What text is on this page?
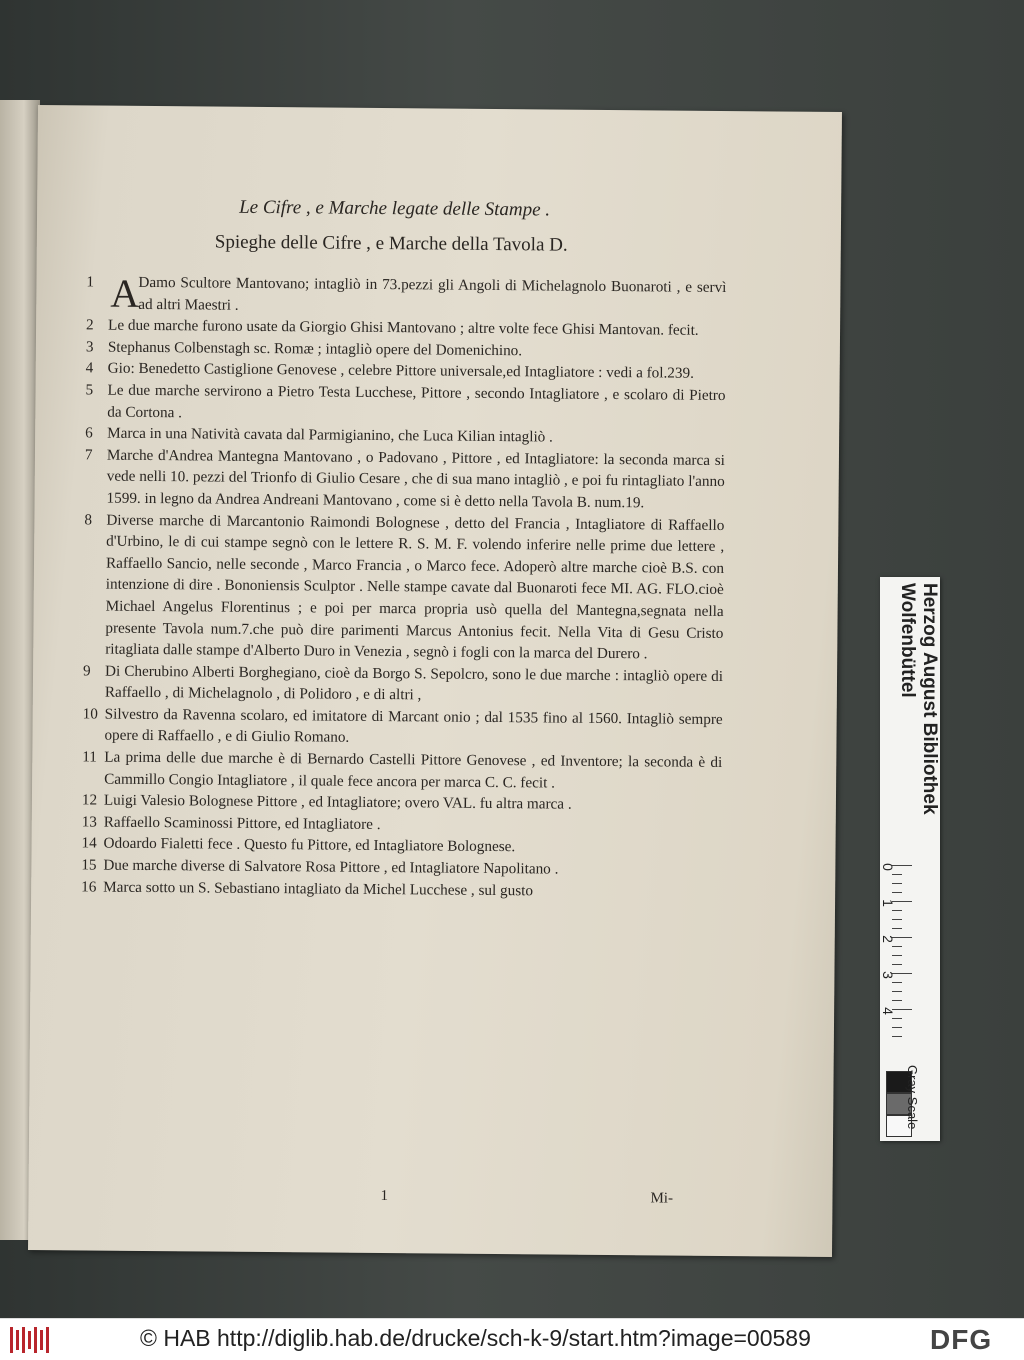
Le Cifre , e Marche legate delle Stampe .
Spieghe delle Cifre , e Marche della Tavola D.
1 A
Damo Scultore Mantovano; intagliò in 73.pezzi gli Angoli di Michelagnolo Buonaroti , e servì ad altri Maestri .
2 Le due marche furono usate da Giorgio Ghisi Mantovano ; altre volte fece Ghisi Mantovan. fecit.
3 Stephanus Colbenstagh sc. Romæ ; intagliò opere del Domenichino.
4 Gio: Benedetto Castiglione Genovese , celebre Pittore universale,ed Intagliatore : vedi a fol.239.
5 Le due marche servirono a Pietro Testa Lucchese, Pittore , secondo Intagliatore , e scolaro di Pietro da Cortona .
6 Marca in una Natività cavata dal Parmigianino, che Luca Kilian intagliò .
7 Marche d'Andrea Mantegna Mantovano , o Padovano , Pittore , ed Intagliatore: la seconda marca si vede nelli 10. pezzi del Trionfo di Giulio Cesare , che di sua mano intagliò , e poi fu rintagliato l'anno 1599. in legno da Andrea Andreani Mantovano , come si è detto nella Tavola B. num.19.
8 Diverse marche di Marcantonio Raimondi Bolognese , detto del Francia , Intagliatore di Raffaello d'Urbino, le di cui stampe segnò con le lettere R. S. M. F. volendo inferire nelle prime due lettere , Raffaello Sancio, nelle seconde , Marco Francia , o Marco fece. Adoperò altre marche cioè B.S. con intenzione di dire . Bononiensis Sculptor . Nelle stampe cavate dal Buonaroti fece MI. AG. FLO.cioè Michael Angelus Florentinus ; e poi per marca propria usò quella del Mantegna,segnata nella presente Tavola num.7.che può dire parimenti Marcus Antonius fecit. Nella Vita di Gesu Cristo ritagliata dalle stampe d'Alberto Duro in Venezia , segnò i fogli con la marca del Durero .
9 Di Cherubino Alberti Borghegiano, cioè da Borgo S. Sepolcro, sono le due marche : intagliò opere di Raffaello , di Michelagnolo , di Polidoro , e di altri ,
10 Silvestro da Ravenna scolaro, ed imitatore di Marcant onio ; dal 1535 fino al 1560. Intagliò sempre opere di Raffaello , e di Giulio Romano.
11 La prima delle due marche è di Bernardo Castelli Pittore Genovese , ed Inventore; la seconda è di Cammillo Congio Intagliatore , il quale fece ancora per marca C. C. fecit .
12 Luigi Valesio Bolognese Pittore , ed Intagliatore; overo VAL. fu altra marca .
13 Raffaello Scaminossi Pittore, ed Intagliatore .
14 Odoardo Fialetti fece . Questo fu Pittore, ed Intagliatore Bolognese.
15 Due marche diverse di Salvatore Rosa Pittore , ed Intagliatore Napolitano .
16 Marca sotto un S. Sebastiano intagliato da Michel Lucchese , sul gusto
1	Mi-
Herzog August Bibliothek
Wolfenbüttel
0
1
2
3
4
Gray Scale
© HAB http://diglib.hab.de/drucke/sch-k-9/start.htm?image=00589	DFG
